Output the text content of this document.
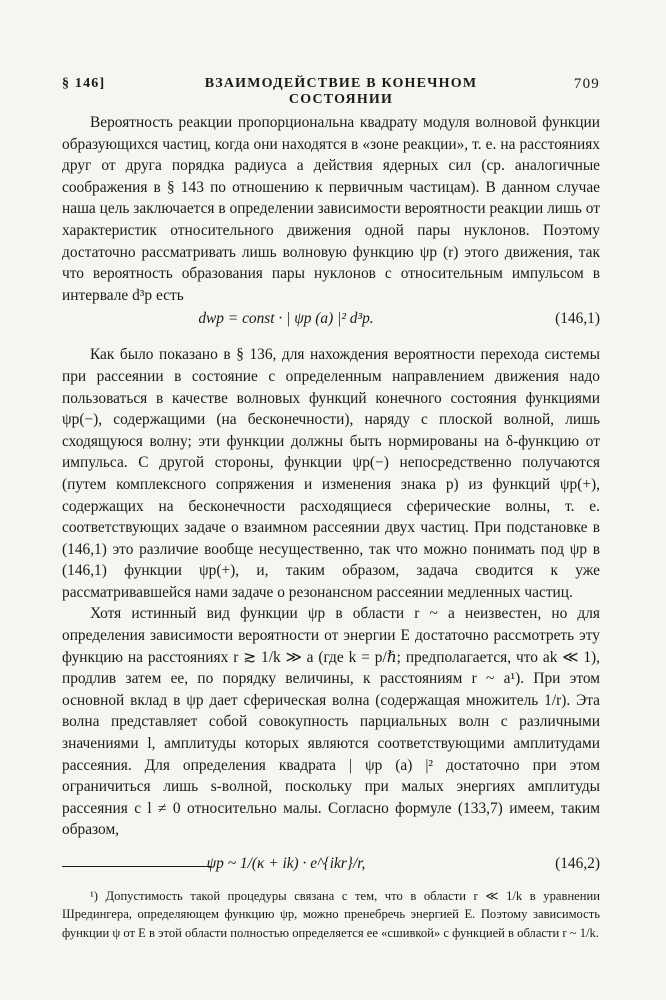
§ 146]	ВЗАИМОДЕЙСТВИЕ В КОНЕЧНОМ СОСТОЯНИИ
709

Вероятность реакции пропорциональна квадрату модуля волновой функции образующихся частиц, когда они находятся в «зоне реакции», т. е. на расстояниях друг от друга порядка радиуса a действия ядерных сил (ср. аналогичные соображения в § 143 по отношению к первичным частицам). В данном случае наша цель заключается в определении зависимости вероятности реакции лишь от характеристик относительного движения одной пары нуклонов. Поэтому достаточно рассматривать лишь волновую функцию ψp (r) этого движения, так что вероятность образования пары нуклонов с относительным импульсом в интервале d³p есть

dwp = const · | ψp (a) |² d³p.	(146,1)

Как было показано в § 136, для нахождения вероятности перехода системы при рассеянии в состояние с определенным направлением движения надо пользоваться в качестве волновых функций конечного состояния функциями ψp(−), содержащими (на бесконечности), наряду с плоской волной, лишь сходящуюся волну; эти функции должны быть нормированы на δ-функцию от импульса. С другой стороны, функции ψp(−) непосредственно получаются (путем комплексного сопряжения и изменения знака p) из функций ψp(+), содержащих на бесконечности расходящиеся сферические волны, т. е. соответствующих задаче о взаимном рассеянии двух частиц. При подстановке в (146,1) это различие вообще несущественно, так что можно понимать под ψp в (146,1) функции ψp(+), и, таким образом, задача сводится к уже рассматривавшейся нами задаче о резонансном рассеянии медленных частиц.

Хотя истинный вид функции ψp в области r ~ a неизвестен, но для определения зависимости вероятности от энергии E достаточно рассмотреть эту функцию на расстояниях r ≳ 1/k ≫ a (где k = p/ℏ; предполагается, что ak ≪ 1), продлив затем ее, по порядку величины, к расстояниям r ~ a¹). При этом основной вклад в ψp дает сферическая волна (содержащая множитель 1/r). Эта волна представляет собой совокупность парциальных волн с различными значениями l, амплитуды которых являются соответствующими амплитудами рассеяния. Для определения квадрата | ψp (a) |² достаточно при этом ограничиться лишь s-волной, поскольку при малых энергиях амплитуды рассеяния с l ≠ 0 относительно малы. Согласно формуле (133,7) имеем, таким образом,

ψp ~ 1/(κ + ik) · e^{ikr}/r,	(146,2)

¹) Допустимость такой процедуры связана с тем, что в области r ≪ 1/k в уравнении Шредингера, определяющем функцию ψp, можно пренебречь энергией E. Поэтому зависимость функции ψ от E в этой области полностью определяется ее «сшивкой» с функцией в области r ~ 1/k.
